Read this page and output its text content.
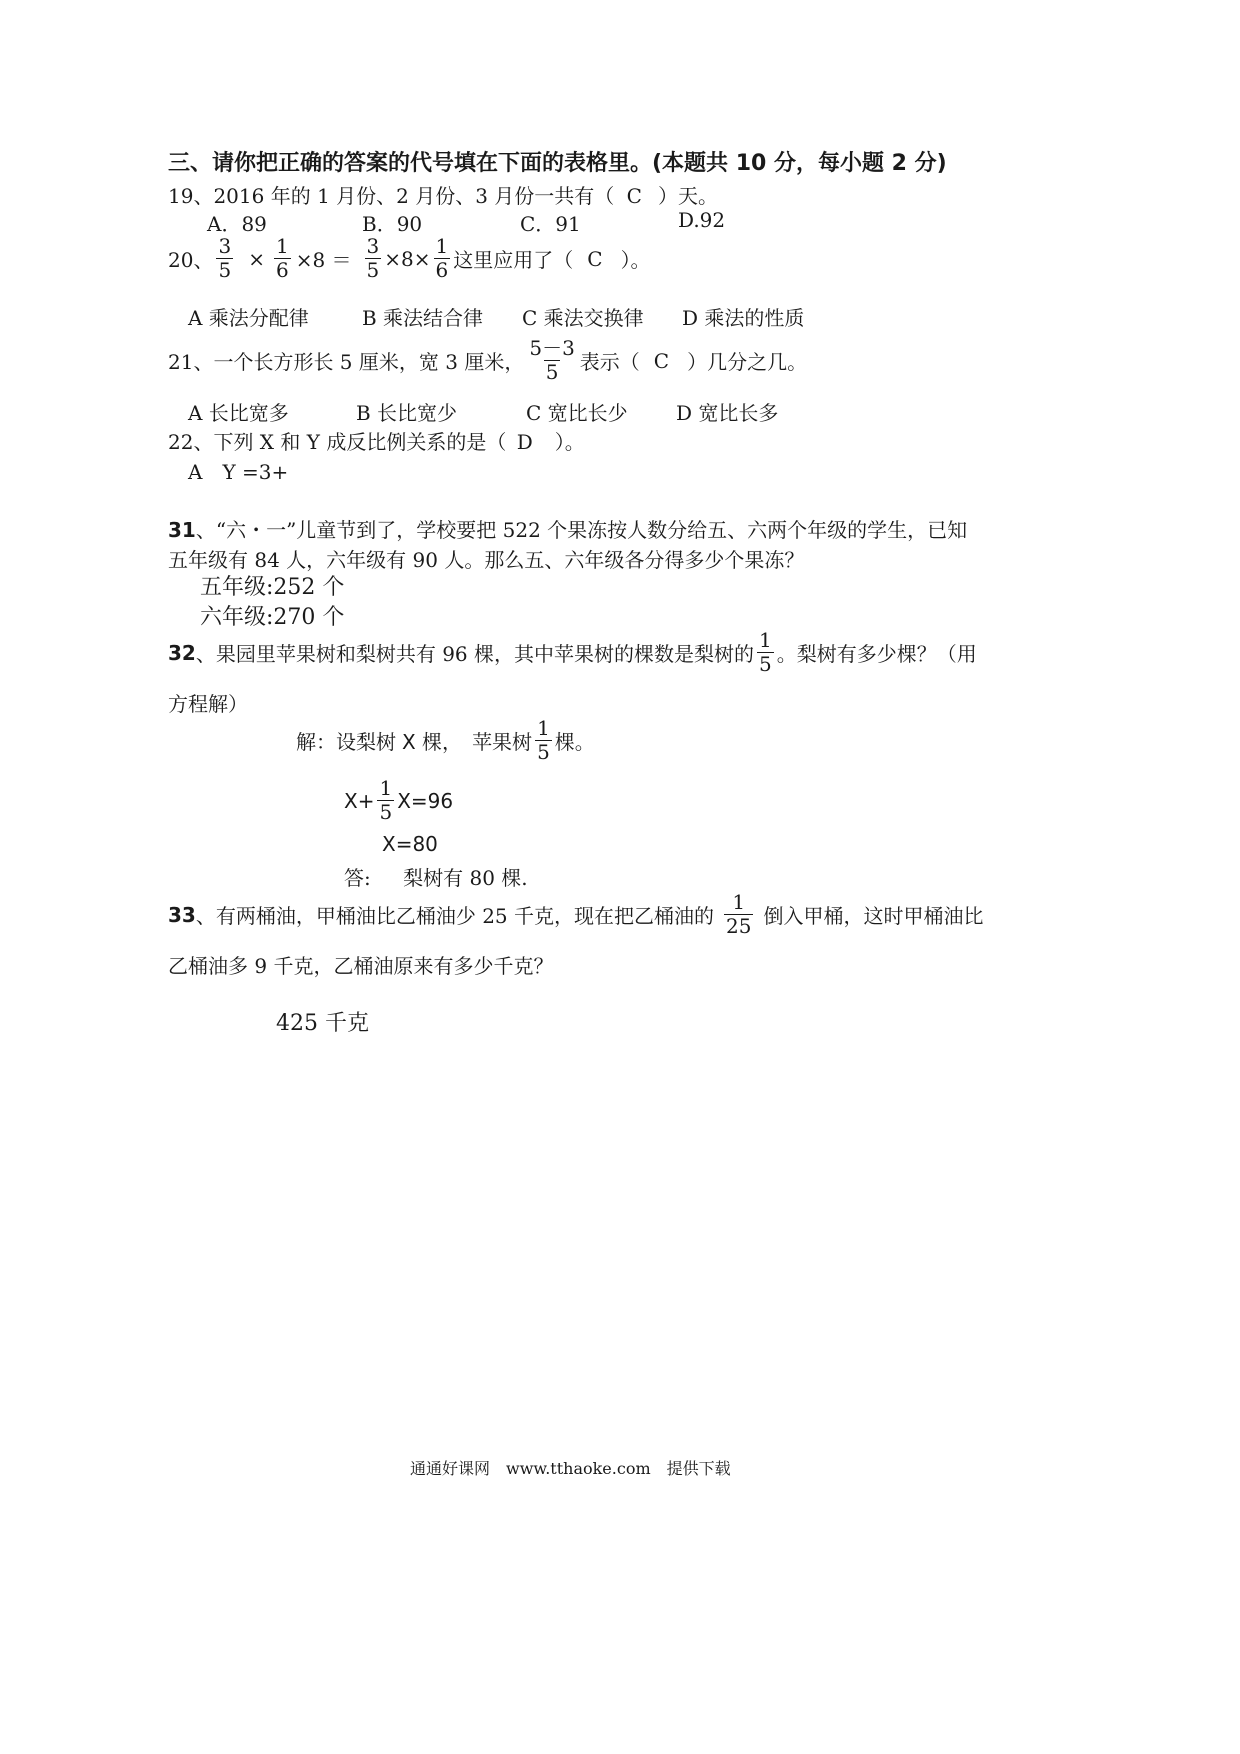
三、请你把正确的答案的代号填在下面的表格里。(本题共 10 分，每小题 2 分)
19、2016 年的 1 月份、2 月份、3 月份一共有（ C ）天。
A．89	B．90	C．91	D.92
20、 $\frac{3}{5} \times \frac{1}{6} \times 8 = \frac{3}{5} \times 8\times \frac{1}{6}$ 这里应用了（ C ）。
A 乘法分配律	B 乘法结合律 C 乘法交换律 D 乘法的性质
21、 一个长方形长 5 厘米，宽 3 厘米， $\frac{5-3}{5}$ 表示（ C ）几分之几。
A 长比宽多	B 长比宽少	C 宽比长少 D 宽比长多
22、下列 X 和 Y 成反比例关系的是（ D ）。
A　Y =3+
31、“六・一”儿童节到了，学校要把 522 个果冻按人数分给五、六两个年级的学生，已知
五年级有 84 人，六年级有 90 人。那么五、六年级各分得多少个果冻？
五年级:252 个
六年级:270 个
32 、果园里苹果树和梨树共有 96 棵，其中苹果树的棵数是梨树的 $\frac{1}{5}$ 。梨树有多少棵？（用
方程解）
解：设梨树 X 棵， 苹果树 $\frac{1}{5}$ 棵。
$X+ \frac{1}{5} X=96$
X=80
答: 梨树有 80 棵.
33 、有两桶油，甲桶油比乙桶油少 25 千克，现在把乙桶油的 $\frac{1}{25}$ 倒入甲桶，这时甲桶油比
乙桶油多 9 千克，乙桶油原来有多少千克？
425 千克
通通好课网　www.tthaoke.com　提供下载
